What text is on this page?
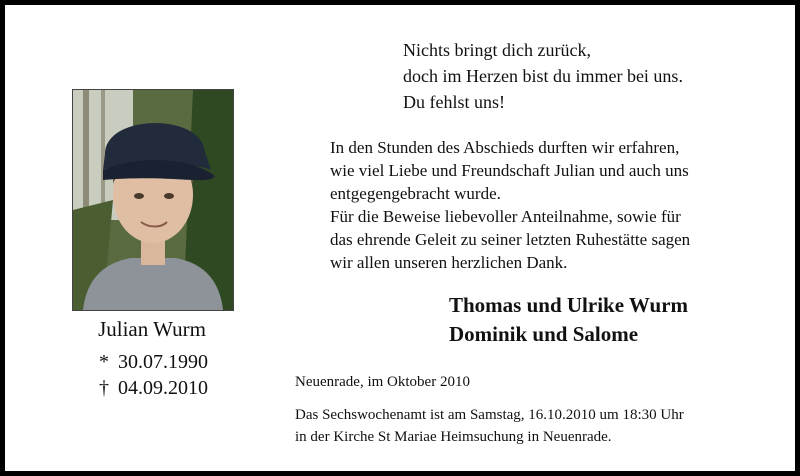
Julian Wurm
* 30.07.1990
† 04.09.2010
Nichts bringt dich zurück,
doch im Herzen bist du immer bei uns.
Du fehlst uns!
In den Stunden des Abschieds durften wir erfahren,
wie viel Liebe und Freundschaft Julian und auch uns
entgegengebracht wurde.
Für die Beweise liebevoller Anteilnahme, sowie für
das ehrende Geleit zu seiner letzten Ruhestätte sagen
wir allen unseren herzlichen Dank.
Thomas und Ulrike Wurm
Dominik und Salome
Neuenrade, im Oktober 2010
Das Sechswochenamt ist am Samstag, 16.10.2010 um 18:30 Uhr
in der Kirche St Mariae Heimsuchung in Neuenrade.
